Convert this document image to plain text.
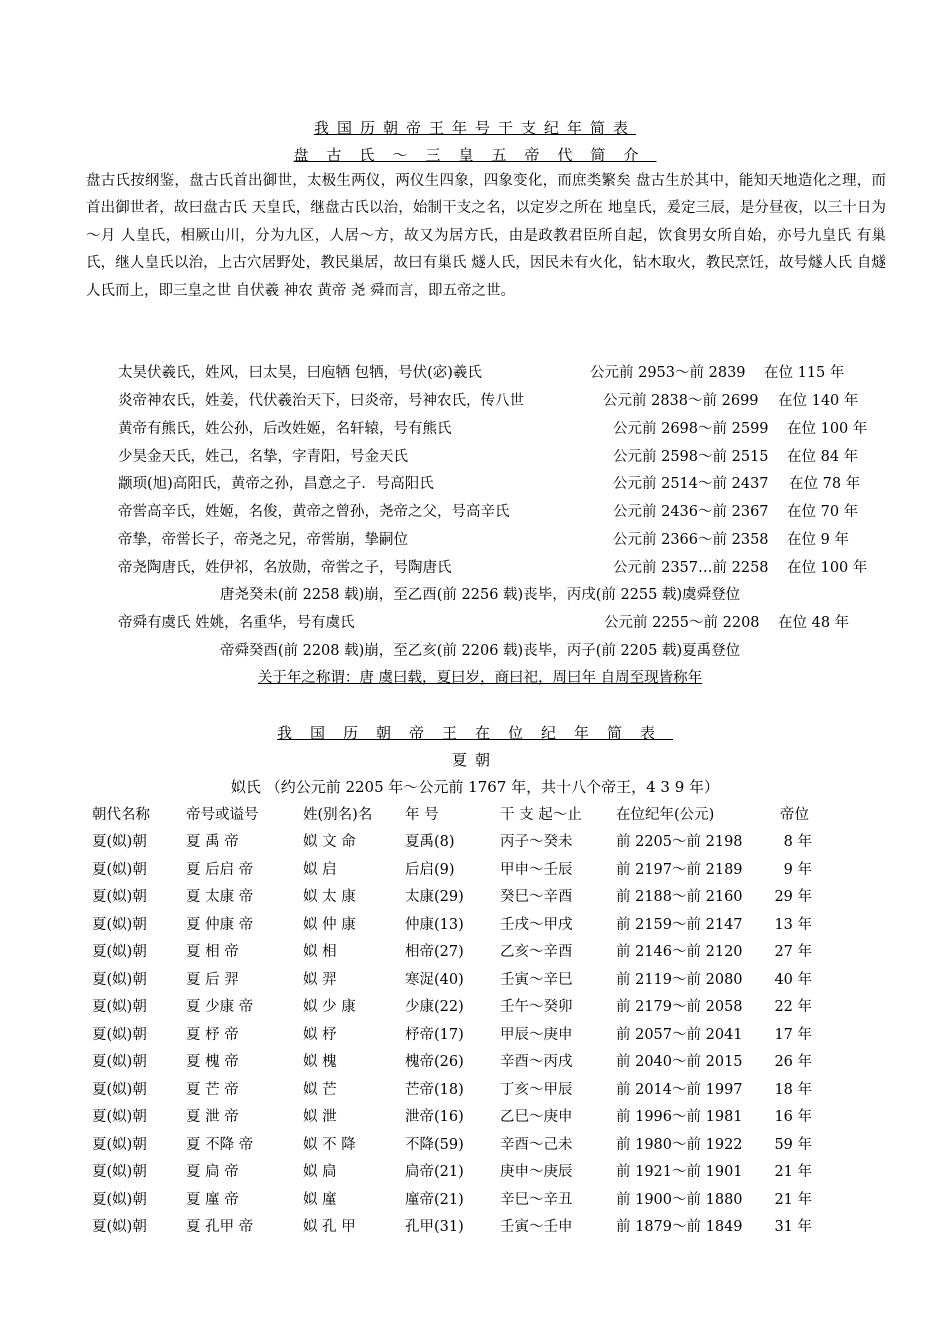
我国历朝帝王年号干支纪年简表
盘古氏～三皇五帝代简介
盘古氏按纲鉴，盘古氏首出御世，太极生两仪，两仪生四象，四象变化，而庶类繁矣 盘古生於其中，能知天地造化之理，而首出御世者，故曰盘古氏 天皇氏，继盘古氏以治，始制干支之名，以定岁之所在 地皇氏，爰定三辰，是分昼夜，以三十日为～月 人皇氏，相厥山川，分为九区，人居～方，故又为居方氏，由是政教君臣所自起，饮食男女所自始，亦号九皇氏 有巢氏，继人皇氏以治，上古穴居野处，教民巢居，故曰有巢氏 燧人氏，因民未有火化，钻木取火，教民烹饪，故号燧人氏 自燧人氏而上，即三皇之世 自伏羲 神农 黄帝 尧 舜而言，即五帝之世。
太昊伏羲氏，姓风，曰太昊，曰庖牺 包牺，号伏(宓)羲氏	公元前 2953～前 2839 在位 115 年
炎帝神农氏，姓姜，代伏羲治天下，曰炎帝，号神农氏，传八世	公元前 2838～前 2699 在位 140 年
黄帝有熊氏，姓公孙，后改姓姬，名轩辕，号有熊氏	公元前 2698～前 2599 在位 100 年
少昊金天氏，姓己，名挚，字青阳，号金天氏	公元前 2598～前 2515 在位 84 年
颛顼(旭)高阳氏，黄帝之孙，昌意之子．号高阳氏	公元前 2514～前 2437 在位 78 年
帝喾高辛氏，姓姬，名俊，黄帝之曾孙，尧帝之父，号高辛氏	公元前 2436～前 2367 在位 70 年
帝挚，帝喾长子，帝尧之兄，帝喾崩，挚嗣位	公元前 2366～前 2358 在位 9 年
帝尧陶唐氏，姓伊祁，名放勋，帝喾之子，号陶唐氏	公元前 2357…前 2258 在位 100 年
唐尧癸未(前 2258 载)崩，至乙酉(前 2256 载)丧毕，丙戌(前 2255 载)虞舜登位
帝舜有虞氏 姓姚，名重华，号有虞氏	公元前 2255～前 2208 在位 48 年
帝舜癸酉(前 2208 载)崩，至乙亥(前 2206 载)丧毕，丙子(前 2205 载)夏禹登位
关于年之称谓：唐 虞曰载，夏曰岁，商曰祀，周曰年 自周至现皆称年
我国历朝帝王在位纪年简表
夏朝
姒氏 （约公元前 2205 年～公元前 1767 年，共十八个帝王，4 3 9 年）
朝代名称 帝号或谥号	姓(别名)名 年 号	干 支 起～止 在位纪年(公元)	帝位
夏(姒)朝	夏 禹 帝	姒 文 命	夏禹(8)	丙子～癸未	前 2205～前 2198	8 年
夏(姒)朝	夏 后启 帝	姒 启	后启(9)	甲申～壬辰	前 2197～前 2189	9 年
夏(姒)朝	夏 太康 帝	姒 太 康	太康(29) 癸巳～辛酉	前 2188～前 2160	29 年
夏(姒)朝	夏 仲康 帝	姒 仲 康	仲康(13) 壬戌～甲戌	前 2159～前 2147	13 年
夏(姒)朝	夏 相 帝	姒 相	相帝(27) 乙亥～辛酉	前 2146～前 2120	27 年
夏(姒)朝	夏 后 羿	姒 羿	寒浞(40) 壬寅～辛巳	前 2119～前 2080	40 年
夏(姒)朝	夏 少康 帝	姒 少 康	少康(22) 壬午～癸卯	前 2179～前 2058	22 年
夏(姒)朝	夏 杼 帝	姒 杼	杼帝(17) 甲辰～庚申	前 2057～前 2041	17 年
夏(姒)朝	夏 槐 帝	姒 槐	槐帝(26) 辛酉～丙戌	前 2040～前 2015	26 年
夏(姒)朝	夏 芒 帝	姒 芒	芒帝(18) 丁亥～甲辰	前 2014～前 1997	18 年
夏(姒)朝	夏 泄 帝	姒 泄	泄帝(16) 乙巳～庚申	前 1996～前 1981	16 年
夏(姒)朝	夏 不降 帝	姒 不 降	不降(59) 辛酉～己未	前 1980～前 1922	59 年
夏(姒)朝	夏 扃 帝	姒 扃	扃帝(21) 庚申～庚辰	前 1921～前 1901	21 年
夏(姒)朝	夏 廑 帝	姒 廑	廑帝(21) 辛巳～辛丑	前 1900～前 1880	21 年
夏(姒)朝	夏 孔甲 帝	姒 孔 甲	孔甲(31) 壬寅～壬申	前 1879～前 1849	31 年
